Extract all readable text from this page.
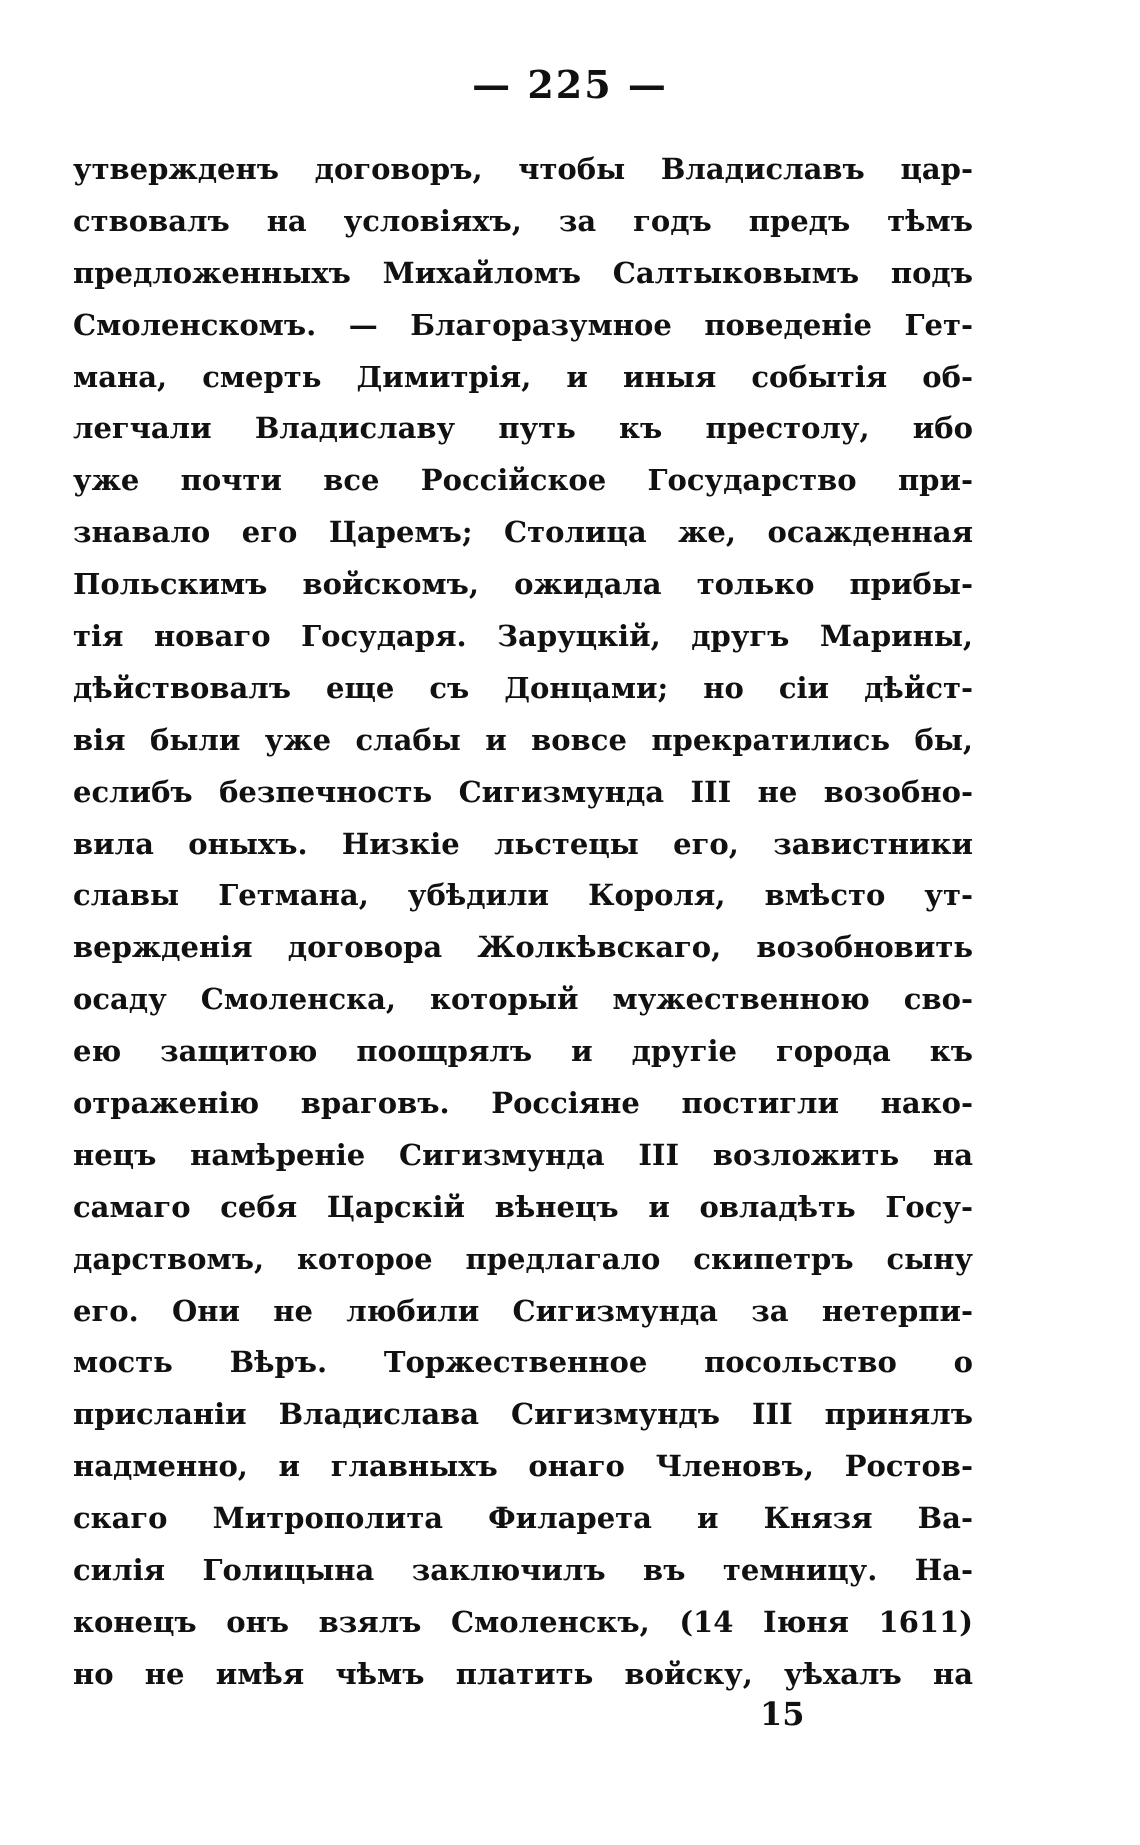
— 225 —
утвержденъ договоръ, чтобы Владиславъ цар-
ствовалъ на условіяхъ, за годъ предъ тѣмъ
предложенныхъ Михайломъ Салтыковымъ подъ
Смоленскомъ. — Благоразумное поведеніе Гет-
мана, смерть Димитрія, и иныя событія об-
легчали Владиславу путь къ престолу, ибо
уже почти все Россійское Государство при-
знавало его Царемъ; Столица же, осажденная
Польскимъ войскомъ, ожидала только прибы-
тія новаго Государя. Заруцкій, другъ Марины,
дѣйствовалъ еще съ Донцами; но сіи дѣйст-
вія были уже слабы и вовсе прекратились бы,
еслибъ безпечность Сигизмунда III не возобно-
вила оныхъ. Низкіе льстецы его, завистники
славы Гетмана, убѣдили Короля, вмѣсто ут-
вержденія договора Жолкѣвскаго, возобновить
осаду Смоленска, который мужественною сво-
ею защитою поощрялъ и другіе города къ
отраженію враговъ. Россіяне постигли нако-
нецъ намѣреніе Сигизмунда III возложить на
самаго себя Царскій вѣнецъ и овладѣть Госу-
дарствомъ, которое предлагало скипетръ сыну
его. Они не любили Сигизмунда за нетерпи-
мость Вѣръ. Торжественное посольство о
присланіи Владислава Сигизмундъ III принялъ
надменно, и главныхъ онаго Членовъ, Ростов-
скаго Митрополита Филарета и Князя Ва-
силія Голицына заключилъ въ темницу. На-
конецъ онъ взялъ Смоленскъ, (14 Іюня 1611)
но не имѣя чѣмъ платить войску, уѣхалъ на
15
